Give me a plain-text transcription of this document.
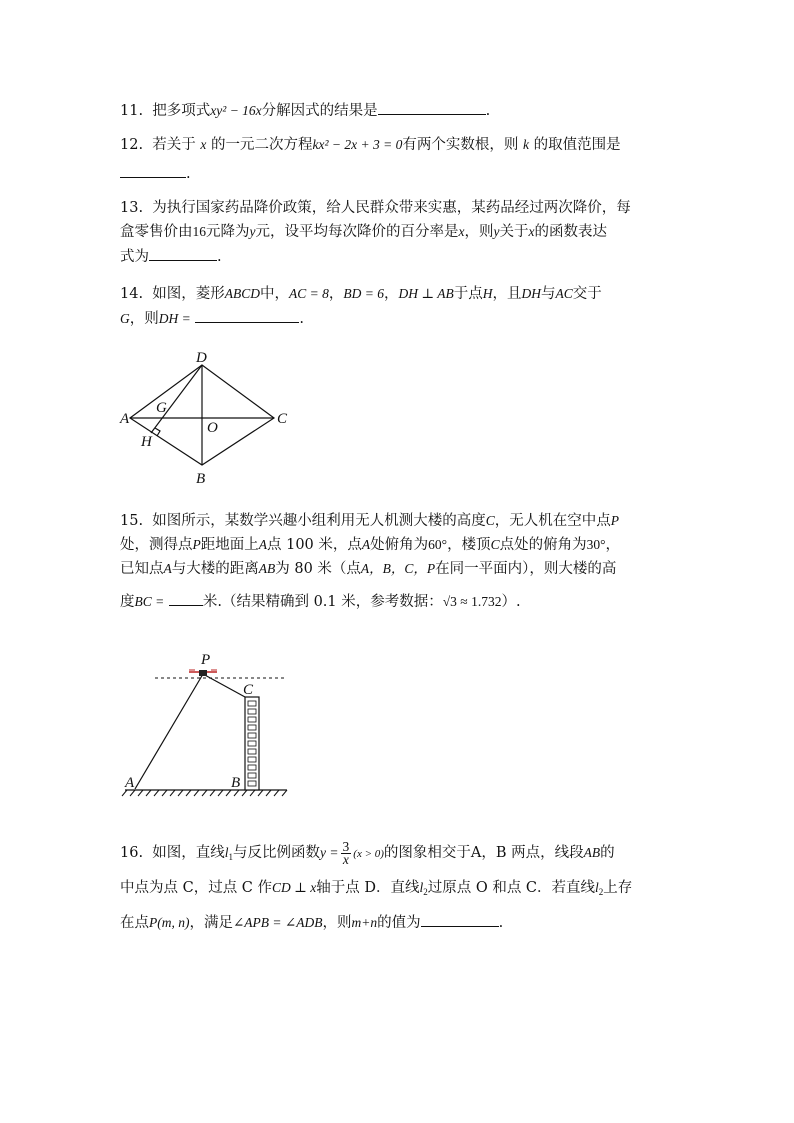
11. 把多项式xy² − 16x分解因式的结果是	.
12. 若关于 x 的一元二次方程kx² − 2x + 3 = 0有两个实数根，则 k 的取值范围是
.
13. 为执行国家药品降价政策，给人民群众带来实惠，某药品经过两次降价，每
盒零售价由16元降为y元，设平均每次降价的百分率是x，则y关于x的函数表达
式为	.
14. 如图，菱形ABCD中，AC = 8，BD = 6，DH ⊥ AB于点H，且DH与AC交于
G，则DH =	.
D
A	C
B
G
O
H
15. 如图所示，某数学兴趣小组利用无人机测大楼的高度C，无人机在空中点P
处，测得点P距地面上A点 100 米，点A处俯角为60°，楼顶C点处的俯角为30°，
已知点A与大楼的距离AB为 80 米（点A，B，C，P在同一平面内），则大楼的高
度BC =	米.（结果精确到 0.1 米，参考数据：√3 ≈ 1.732）.
P
C
A	B
16. 如图，直线$l_1$与反比例函数$y = \frac{3}{x} (x > 0)$的图象相交于A，B 两点，线段AB的
中点为点 C，过点 C 作CD ⊥ x轴于点 D．直线$l_2$过原点 O 和点 C．若直线$l_2$上存
在点P(m, n)，满足∠APB = ∠ADB，则m+n的值为	.
